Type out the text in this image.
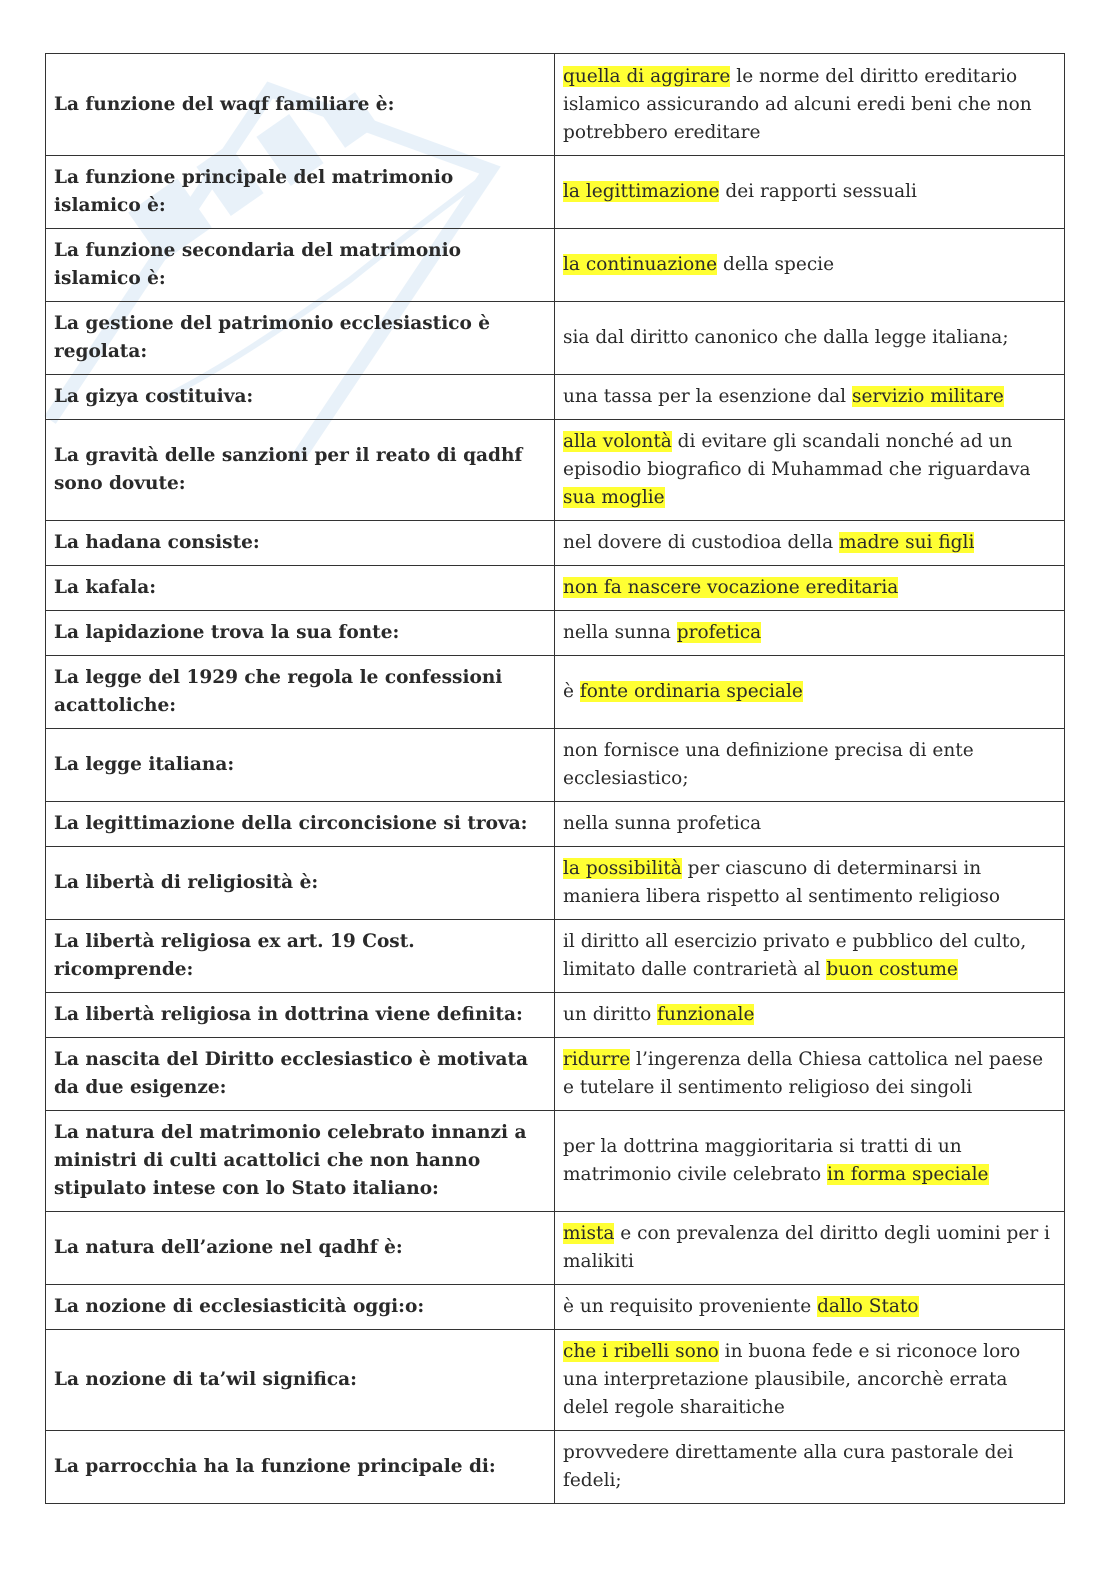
La funzione del waqf familiare è:	quella di aggirare le norme del diritto ereditario islamico assicurando ad alcuni eredi beni che non potrebbero ereditare
La funzione principale del matrimonio islamico è:	la legittimazione dei rapporti sessuali
La funzione secondaria del matrimonio islamico è:	la continuazione della specie
La gestione del patrimonio ecclesiastico è regolata:	sia dal diritto canonico che dalla legge italiana;
La gizya costituiva:	una tassa per la esenzione dal servizio militare
La gravità delle sanzioni per il reato di qadhf sono dovute:	alla volontà di evitare gli scandali nonché ad un episodio biografico di Muhammad che riguardava sua moglie
La hadana consiste:	nel dovere di custodioa della madre sui figli
La kafala:	non fa nascere vocazione ereditaria
La lapidazione trova la sua fonte:	nella sunna profetica
La legge del 1929 che regola le confessioni acattoliche:	è fonte ordinaria speciale
La legge italiana:	non fornisce una definizione precisa di ente ecclesiastico;
La legittimazione della circoncisione si trova:	nella sunna profetica
La libertà di religiosità è:	la possibilità per ciascuno di determinarsi in maniera libera rispetto al sentimento religioso
La libertà religiosa ex art. 19 Cost. ricomprende:	il diritto all esercizio privato e pubblico del culto, limitato dalle contrarietà al buon costume
La libertà religiosa in dottrina viene definita:	un diritto funzionale
La nascita del Diritto ecclesiastico è motivata da due esigenze:	ridurre l’ingerenza della Chiesa cattolica nel paese e tutelare il sentimento religioso dei singoli
La natura del matrimonio celebrato innanzi a ministri di culti acattolici che non hanno stipulato intese con lo Stato italiano:	per la dottrina maggioritaria si tratti di un matrimonio civile celebrato in forma speciale
La natura dell’azione nel qadhf è:	mista e con prevalenza del diritto degli uomini per i malikiti
La nozione di ecclesiasticità oggi:o:	è un requisito proveniente dallo Stato
La nozione di ta’wil significa:	che i ribelli sono in buona fede e si riconoce loro una interpretazione plausibile, ancorchè errata delel regole sharaitiche
La parrocchia ha la funzione principale di:	provvedere direttamente alla cura pastorale dei fedeli;
